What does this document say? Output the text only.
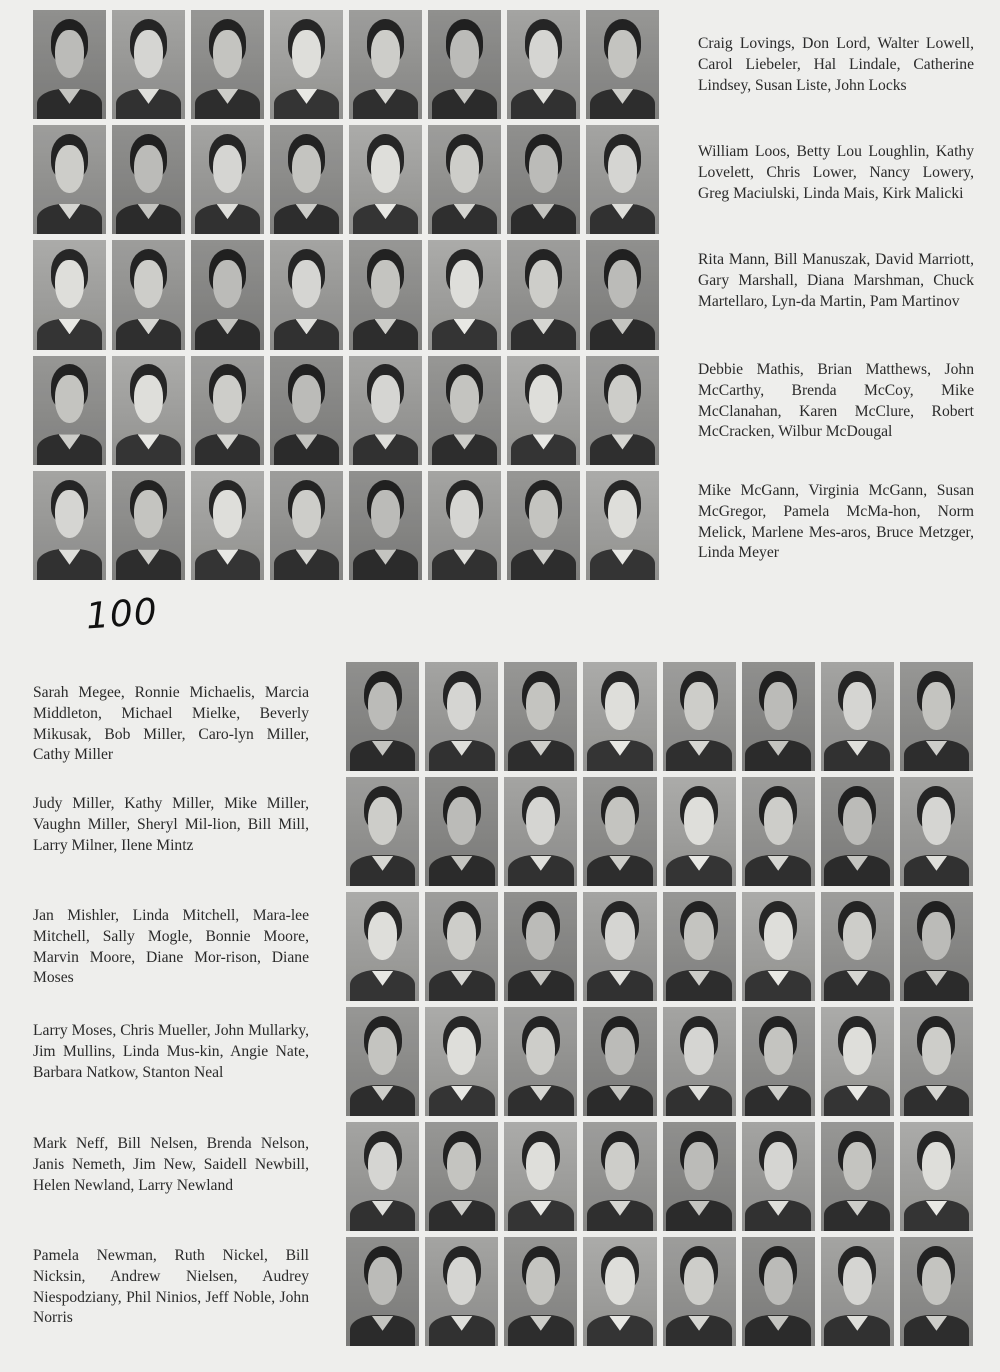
Craig Lovings, Don Lord, Walter Lowell, Carol Liebeler, Hal Lindale, Catherine Lindsey, Susan Liste, John Locks
William Loos, Betty Lou Loughlin, Kathy Lovelett, Chris Lower, Nancy Lowery, Greg Maciulski, Linda Mais, Kirk Malicki
Rita Mann, Bill Manuszak, David Marriott, Gary Marshall, Diana Marshman, Chuck Martellaro, Lyn-da Martin, Pam Martinov
Debbie Mathis, Brian Matthews, John McCarthy, Brenda McCoy, Mike McClanahan, Karen McClure, Robert McCracken, Wilbur McDougal
Mike McGann, Virginia McGann, Susan McGregor, Pamela McMa-hon, Norm Melick, Marlene Mes-aros, Bruce Metzger, Linda Meyer
100
Sarah Megee, Ronnie Michaelis, Marcia Middleton, Michael Mielke, Beverly Mikusak, Bob Miller, Caro-lyn Miller, Cathy Miller
Judy Miller, Kathy Miller, Mike Miller, Vaughn Miller, Sheryl Mil-lion, Bill Mill, Larry Milner, Ilene Mintz
Jan Mishler, Linda Mitchell, Mara-lee Mitchell, Sally Mogle, Bonnie Moore, Marvin Moore, Diane Mor-rison, Diane Moses
Larry Moses, Chris Mueller, John Mullarky, Jim Mullins, Linda Mus-kin, Angie Nate, Barbara Natkow, Stanton Neal
Mark Neff, Bill Nelsen, Brenda Nelson, Janis Nemeth, Jim New, Saidell Newbill, Helen Newland, Larry Newland
Pamela Newman, Ruth Nickel, Bill Nicksin, Andrew Nielsen, Audrey Niespodziany, Phil Ninios, Jeff Noble, John Norris
